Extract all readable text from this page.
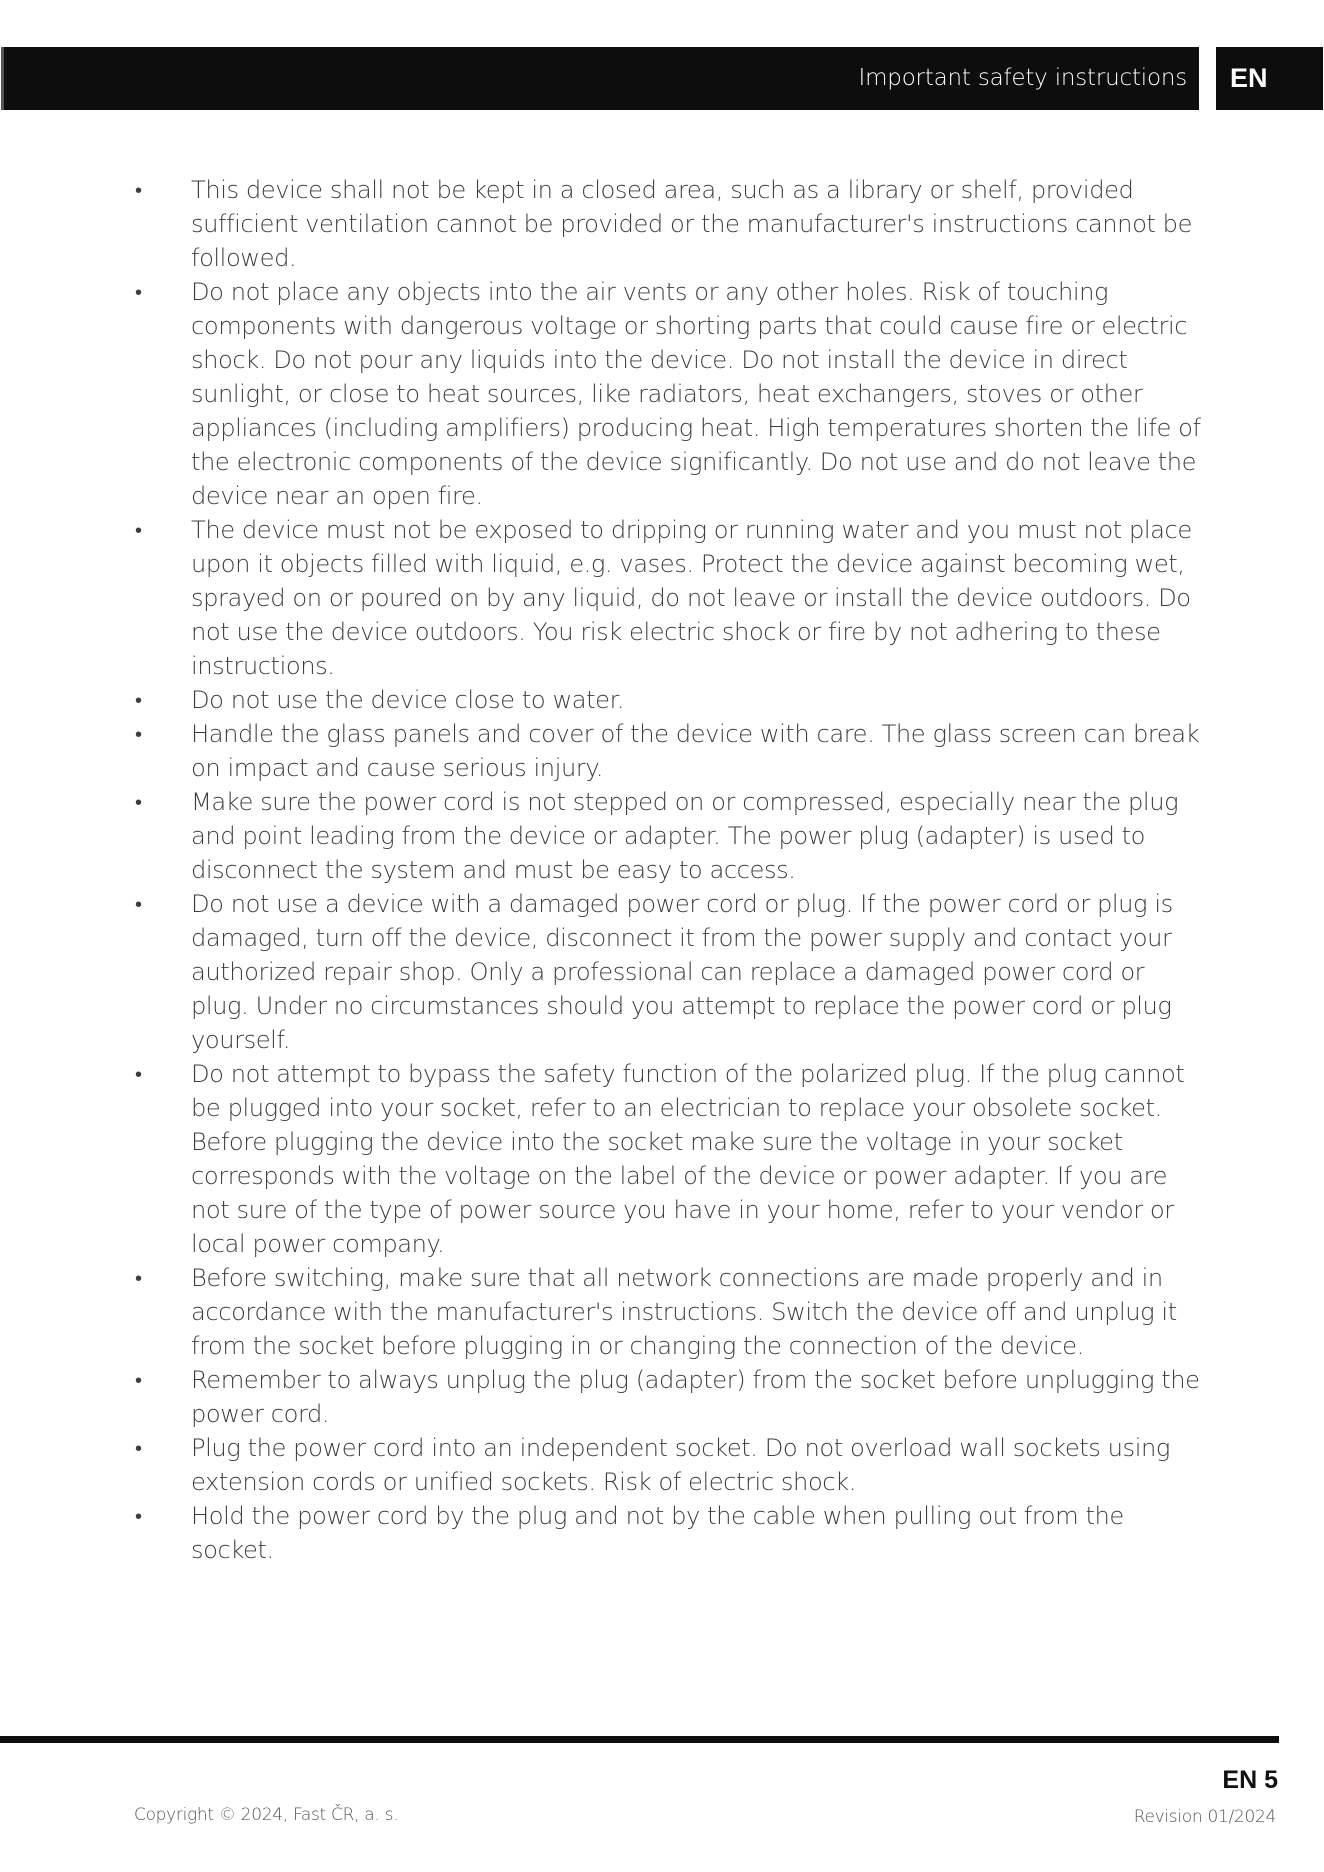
Important safety instructions EN
• This device shall not be kept in a closed area, such as a library or shelf, provided sufficient ventilation cannot be provided or the manufacturer's instructions cannot be followed.
• Do not place any objects into the air vents or any other holes. Risk of touching components with dangerous voltage or shorting parts that could cause fire or electric shock. Do not pour any liquids into the device. Do not install the device in direct sunlight, or close to heat sources, like radiators, heat exchangers, stoves or other appliances (including amplifiers) producing heat. High temperatures shorten the life of the electronic components of the device significantly. Do not use and do not leave the device near an open fire.
• The device must not be exposed to dripping or running water and you must not place upon it objects filled with liquid, e.g. vases. Protect the device against becoming wet, sprayed on or poured on by any liquid, do not leave or install the device outdoors. Do not use the device outdoors. You risk electric shock or fire by not adhering to these instructions.
• Do not use the device close to water.
• Handle the glass panels and cover of the device with care. The glass screen can break on impact and cause serious injury.
• Make sure the power cord is not stepped on or compressed, especially near the plug and point leading from the device or adapter. The power plug (adapter) is used to disconnect the system and must be easy to access.
• Do not use a device with a damaged power cord or plug. If the power cord or plug is damaged, turn off the device, disconnect it from the power supply and contact your authorized repair shop. Only a professional can replace a damaged power cord or plug. Under no circumstances should you attempt to replace the power cord or plug yourself.
• Do not attempt to bypass the safety function of the polarized plug. If the plug cannot be plugged into your socket, refer to an electrician to replace your obsolete socket. Before plugging the device into the socket make sure the voltage in your socket corresponds with the voltage on the label of the device or power adapter. If you are not sure of the type of power source you have in your home, refer to your vendor or local power company.
• Before switching, make sure that all network connections are made properly and in accordance with the manufacturer's instructions. Switch the device off and unplug it from the socket before plugging in or changing the connection of the device.
• Remember to always unplug the plug (adapter) from the socket before unplugging the power cord.
• Plug the power cord into an independent socket. Do not overload wall sockets using extension cords or unified sockets. Risk of electric shock.
• Hold the power cord by the plug and not by the cable when pulling out from the socket.
EN 5
Copyright © 2024, Fast ČR, a. s.	Revision 01/2024
